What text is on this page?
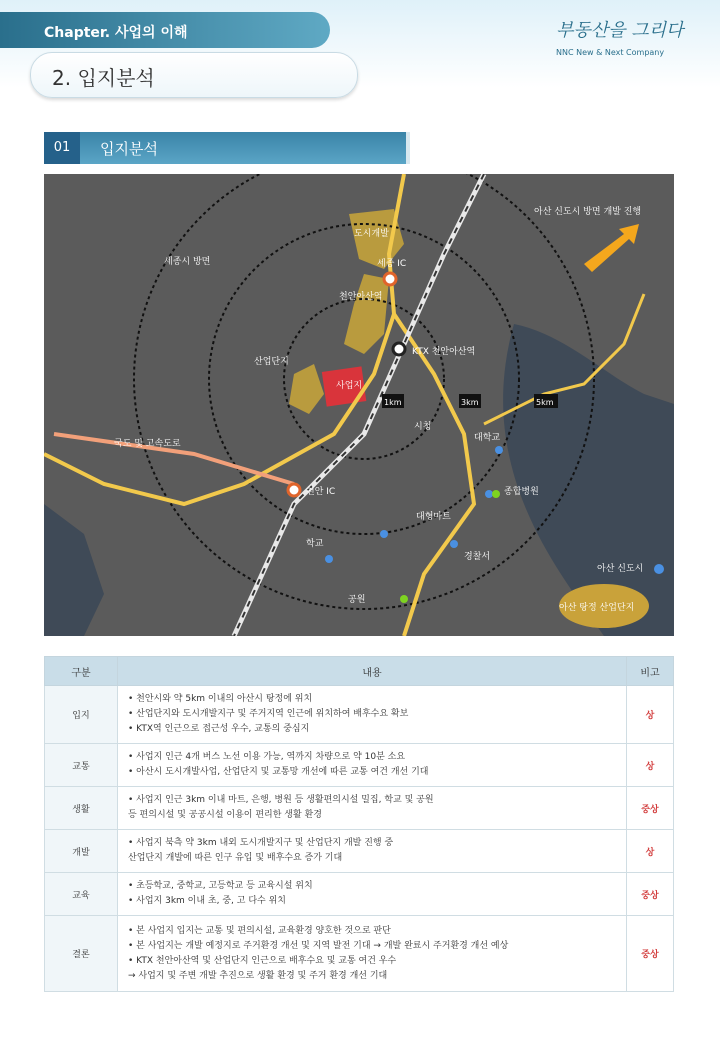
Chapter. 사업의 이해
2. 입지분석
부동산을 그리다
NNC New & Next Company
01	입지분석
도시개발
세종 IC
천안아산역
산업단지
사업지
KTX 천안아산역
1km	3km	5km
천안 IC
국도 및 고속도로
대학교
종합병원
시청
대형마트
경찰서
학교
공원
아산 신도시 방면 개발 진행
아산 신도시
아산 탕정 산업단지
세종시 방면
구분	내용	비고
입지	• 천안시와 약 5km 이내의 아산시 탕정에 위치
• 산업단지와 도시개발지구 및 주거지역 인근에 위치하여 배후수요 확보
• KTX역 인근으로 접근성 우수, 교통의 중심지	상
교통	• 사업지 인근 4개 버스 노선 이용 가능, 역까지 차량으로 약 10분 소요
• 아산시 도시개발사업, 산업단지 및 교통망 개선에 따른 교통 여건 개선 기대	상
생활	• 사업지 인근 3km 이내 마트, 은행, 병원 등 생활편의시설 밀집, 학교 및 공원
등 편의시설 및 공공시설 이용이 편리한 생활 환경	중상
개발	• 사업지 북측 약 3km 내외 도시개발지구 및 산업단지 개발 진행 중
산업단지 개발에 따른 인구 유입 및 배후수요 증가 기대	상
교육	• 초등학교, 중학교, 고등학교 등 교육시설 위치
• 사업지 3km 이내 초, 중, 고 다수 위치	중상
결론	• 본 사업지 입지는 교통 및 편의시설, 교육환경 양호한 것으로 판단
• 본 사업지는 개발 예정지로 주거환경 개선 및 지역 발전 기대 → 개발 완료시 주거환경 개선 예상
• KTX 천안아산역 및 산업단지 인근으로 배후수요 및 교통 여건 우수
→ 사업지 및 주변 개발 추진으로 생활 환경 및 주거 환경 개선 기대	중상
